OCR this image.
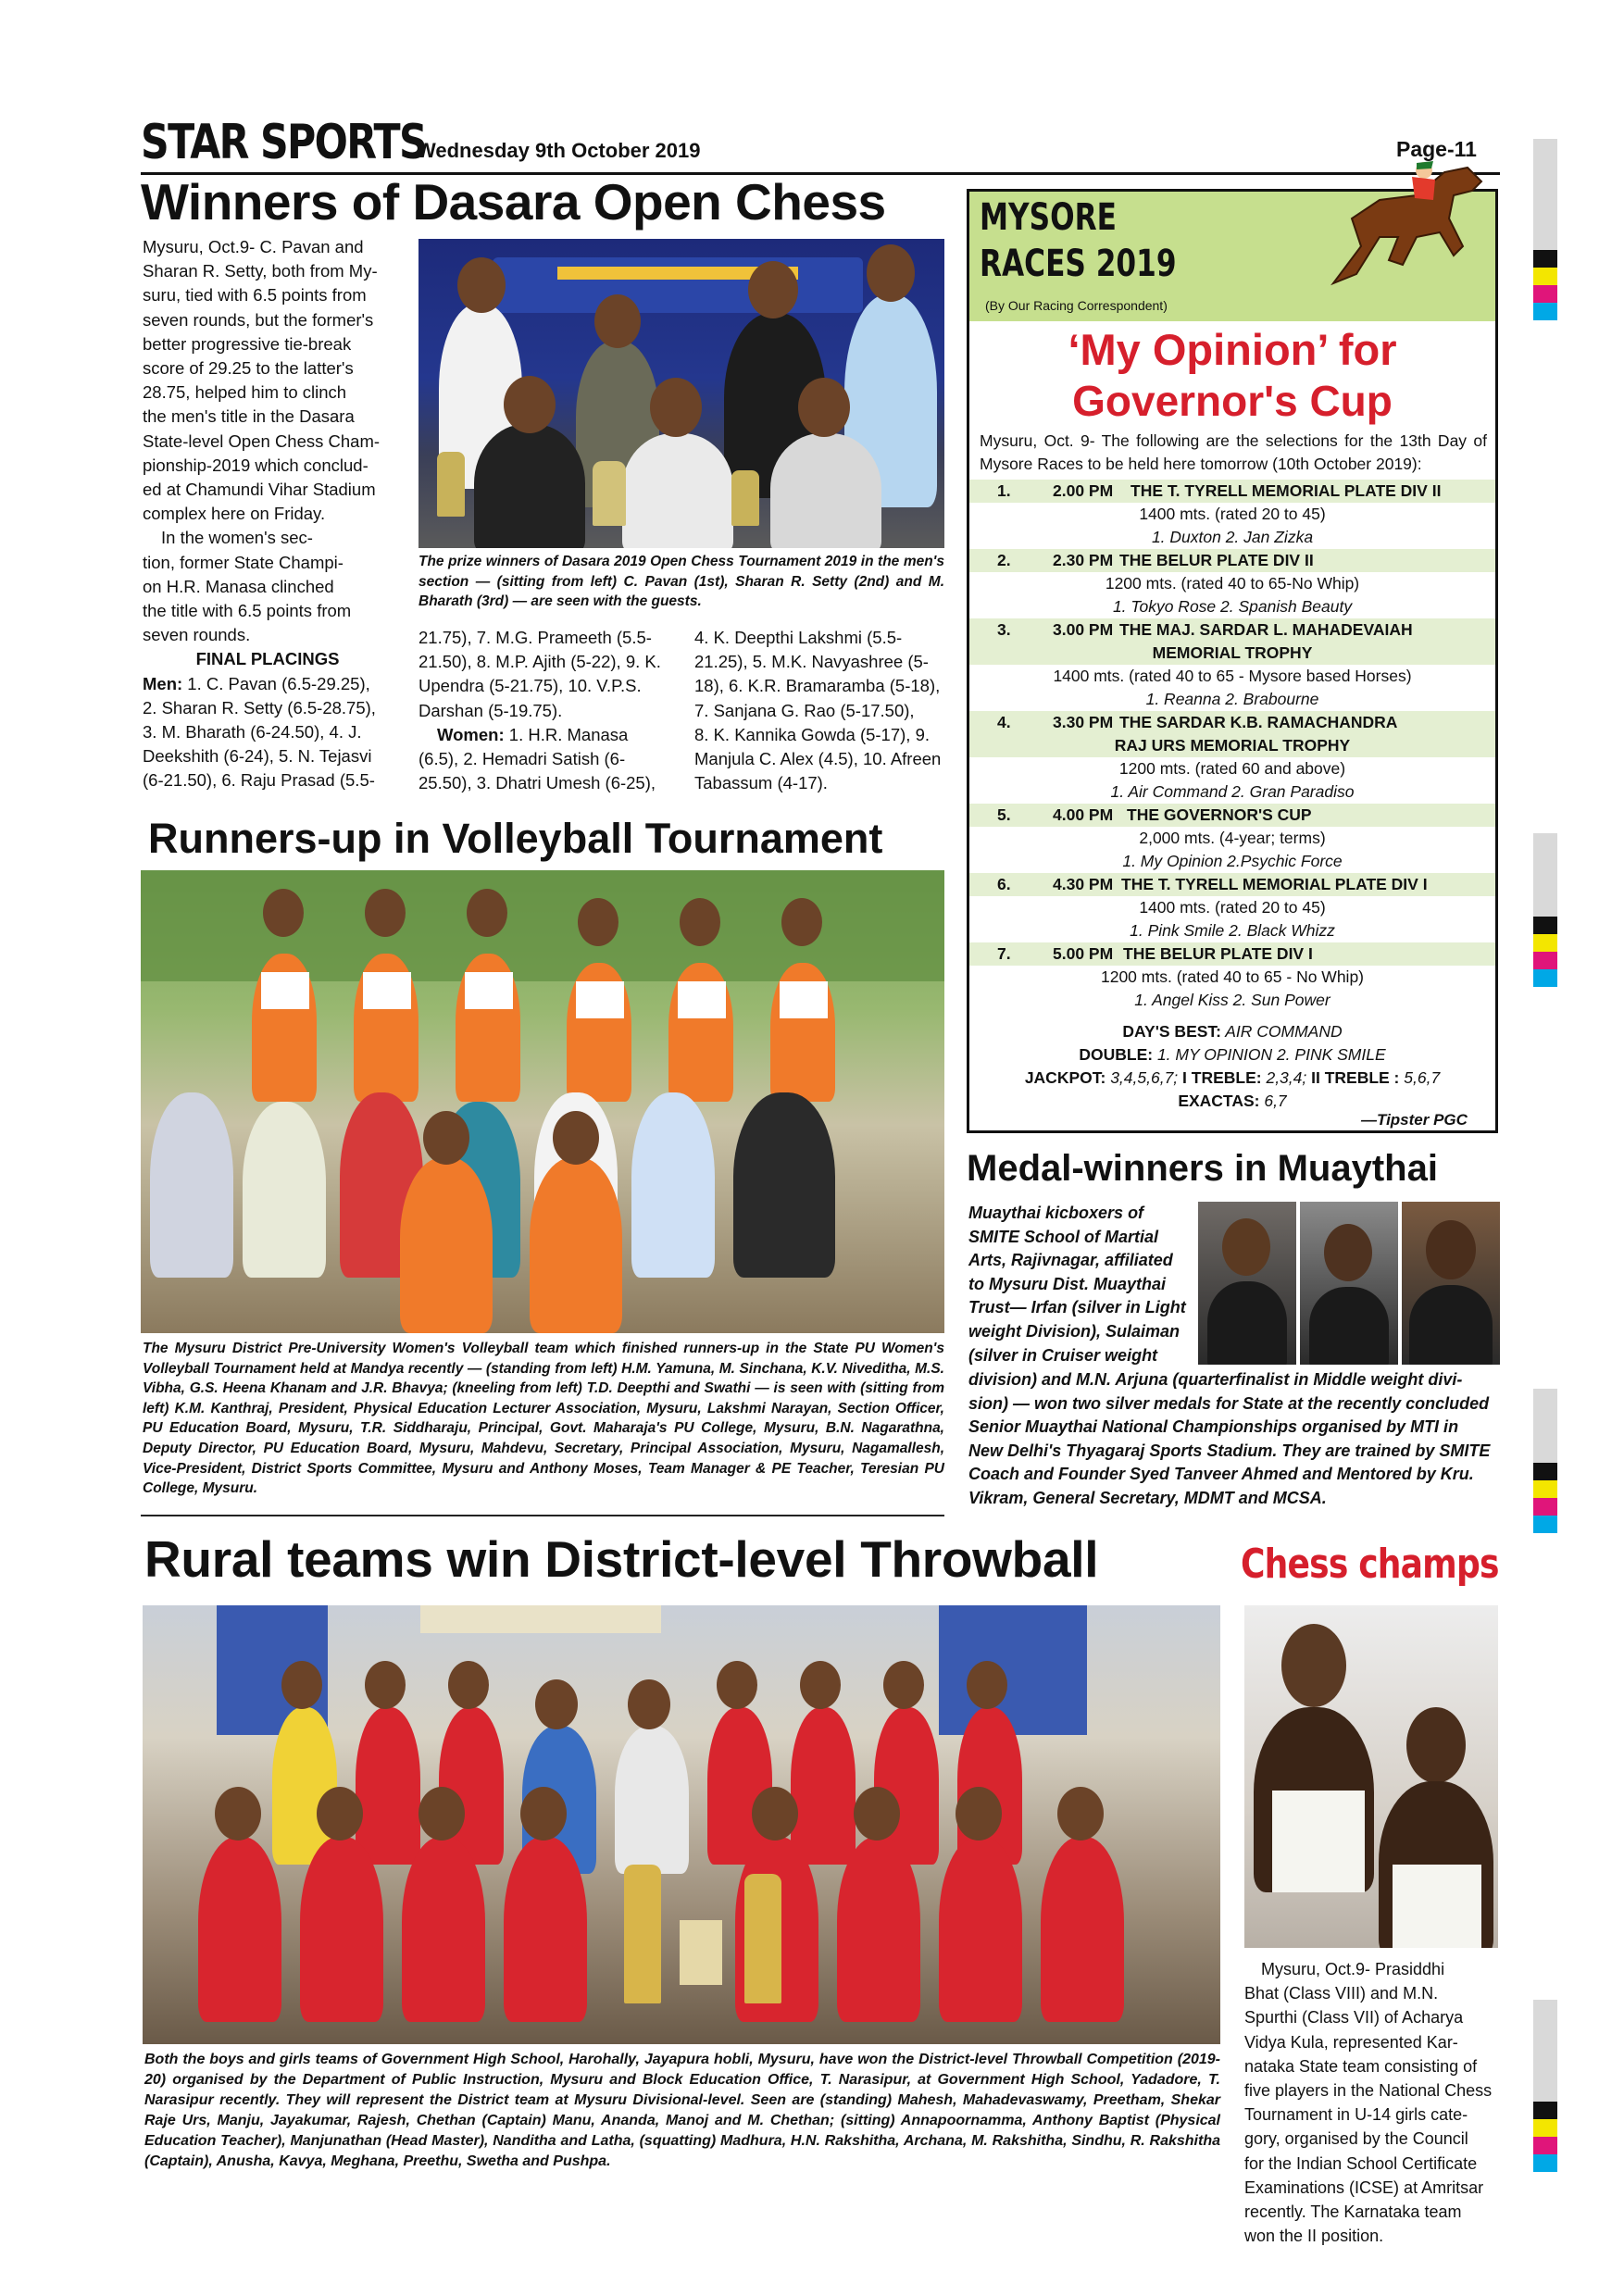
STAR SPORTS
Wednesday 9th October 2019	Page-11
Winners of Dasara Open Chess
Mysuru, Oct.9- C. Pavan and
Sharan R. Setty, both from My-
suru, tied with 6.5 points from
seven rounds, but the former's
better progressive tie-break
score of 29.25 to the latter's
28.75, helped him to clinch
the men's title in the Dasara
State-level Open Chess Cham-
pionship-2019 which conclud-
ed at Chamundi Vihar Stadium
complex here on Friday.
In the women's sec-
tion, former State Champi-
on H.R. Manasa clinched
the title with 6.5 points from
seven rounds.
FINAL PLACINGS
Men: 1. C. Pavan (6.5-29.25),
2. Sharan R. Setty (6.5-28.75),
3. M. Bharath (6-24.50), 4. J.
Deekshith (6-24), 5. N. Tejasvi
(6-21.50), 6. Raju Prasad (5.5-
The prize winners of Dasara 2019 Open Chess Tournament 2019 in the men's section — (sitting from left) C. Pavan (1st), Sharan R. Setty (2nd) and M. Bharath (3rd) — are seen with the guests.
21.75), 7. M.G. Prameeth (5.5-
21.50), 8. M.P. Ajith (5-22), 9. K.
Upendra (5-21.75), 10. V.P.S.
Darshan (5-19.75).
Women: 1. H.R. Manasa
(6.5), 2. Hemadri Satish (6-
25.50), 3. Dhatri Umesh (6-25),
4. K. Deepthi Lakshmi (5.5-
21.25), 5. M.K. Navyashree (5-
18), 6. K.R. Bramaramba (5-18),
7. Sanjana G. Rao (5-17.50),
8. K. Kannika Gowda (5-17), 9.
Manjula C. Alex (4.5), 10. Afreen
Tabassum (4-17).
Runners-up in Volleyball Tournament
The Mysuru District Pre-University Women's Volleyball team which finished runners-up in the State PU Women's Volleyball Tournament held at Mandya recently — (standing from left) H.M. Yamuna, M. Sinchana, K.V. Niveditha, M.S. Vibha, G.S. Heena Khanam and J.R. Bhavya; (kneeling from left) T.D. Deepthi and Swathi — is seen with (sitting from left) K.M. Kanthraj, President, Physical Education Lecturer Association, Mysuru, Lakshmi Narayan, Section Officer, PU Education Board, Mysuru, T.R. Siddharaju, Principal, Govt. Maharaja's PU College, Mysuru, B.N. Nagarathna, Deputy Director, PU Education Board, Mysuru, Mahdevu, Secretary, Principal Association, Mysuru, Nagamallesh, Vice-President, District Sports Committee, Mysuru and Anthony Moses, Team Manager & PE Teacher, Teresian PU College, Mysuru.
MYSORE
RACES 2019
(By Our Racing Correspondent)
‘My Opinion’ for
Governor's Cup
Mysuru, Oct. 9- The following are the selections for the 13th Day of Mysore Races to be held here tomorrow (10th October 2019):
1.	2.00 PM THE T. TYRELL MEMORIAL PLATE DIV II
1400 mts. (rated 20 to 45)
1. Duxton 2. Jan Zizka
2.	2.30 PM THE BELUR PLATE DIV II
1200 mts. (rated 40 to 65-No Whip)
1. Tokyo Rose 2. Spanish Beauty
3.	3.00 PM THE MAJ. SARDAR L. MAHADEVAIAH
MEMORIAL TROPHY
1400 mts. (rated 40 to 65 - Mysore based Horses)
1. Reanna 2. Brabourne
4.	3.30 PM THE SARDAR K.B. RAMACHANDRA
RAJ URS MEMORIAL TROPHY
1200 mts. (rated 60 and above)
1. Air Command 2. Gran Paradiso
5.	4.00 PM THE GOVERNOR'S CUP
2,000 mts. (4-year; terms)
1. My Opinion 2.Psychic Force
6.	4.30 PM THE T. TYRELL MEMORIAL PLATE DIV I
1400 mts. (rated 20 to 45)
1. Pink Smile 2. Black Whizz
7.	5.00 PM THE BELUR PLATE DIV I
1200 mts. (rated 40 to 65 - No Whip)
1. Angel Kiss 2. Sun Power
DAY'S BEST: AIR COMMAND
DOUBLE: 1. MY OPINION 2. PINK SMILE
JACKPOT: 3,4,5,6,7; I TREBLE: 2,3,4; II TREBLE : 5,6,7
EXACTAS: 6,7
—Tipster PGC
Medal-winners in Muaythai
Muaythai kicboxers of
SMITE School of Martial
Arts, Rajivnagar, affiliated
to Mysuru Dist. Muaythai
Trust— Irfan (silver in Light
weight Division), Sulaiman
(silver in Cruiser weight
division) and M.N. Arjuna (quarterfinalist in Middle weight divi-
sion) — won two silver medals for State at the recently concluded
Senior Muaythai National Championships organised by MTI in
New Delhi's Thyagaraj Sports Stadium. They are trained by SMITE
Coach and Founder Syed Tanveer Ahmed and Mentored by Kru.
Vikram, General Secretary, MDMT and MCSA.
Rural teams win District-level Throwball
Both the boys and girls teams of Government High School, Harohally, Jayapura hobli, Mysuru, have won the District-level Throwball Competition (2019-20) organised by the Department of Public Instruction, Mysuru and Block Education Office, T. Narasipur, at Government High School, Yadadore, T. Narasipur recently. They will represent the District team at Mysuru Divisional-level. Seen are (standing) Mahesh, Mahadevaswamy, Preetham, Shekar Raje Urs, Manju, Jayakumar, Rajesh, Chethan (Captain) Manu, Ananda, Manoj and M. Chethan; (sitting) Annapoornamma, Anthony Baptist (Physical Education Teacher), Manjunathan (Head Master), Nanditha and Latha, (squatting) Madhura, H.N. Rakshitha, Archana, M. Rakshitha, Sindhu, R. Rakshitha (Captain), Anusha, Kavya, Meghana, Preethu, Swetha and Pushpa.
Chess champs
Mysuru, Oct.9- Prasiddhi
Bhat (Class VIII) and M.N.
Spurthi (Class VII) of Acharya
Vidya Kula, represented Kar-
nataka State team consisting of
five players in the National Chess
Tournament in U-14 girls cate-
gory, organised by the Council
for the Indian School Certificate
Examinations (ICSE) at Amritsar
recently. The Karnataka team
won the II position.
